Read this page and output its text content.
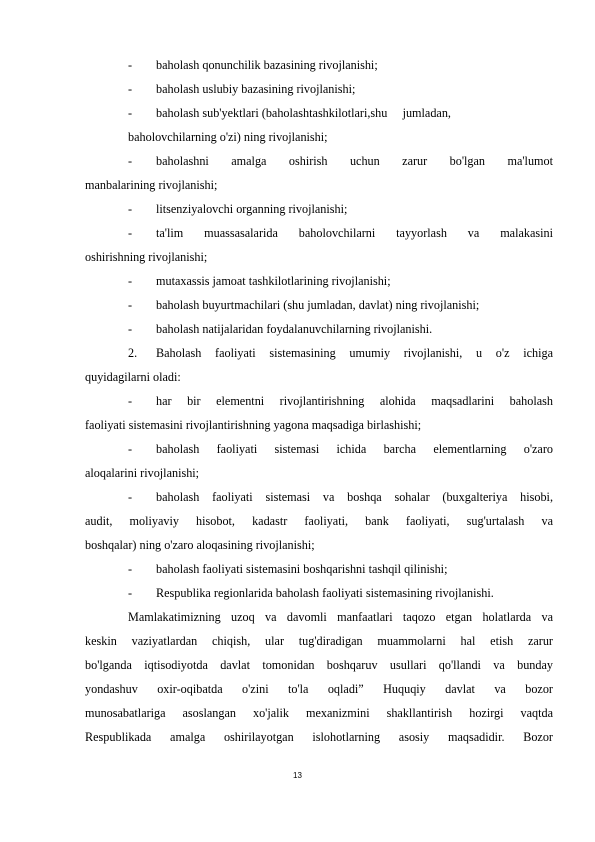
- baholash qonunchilik bazasining rivojlanishi;
- baholash uslubiy bazasining rivojlanishi;
- baholash sub'yektlari (baholashtashkilotlari,shu     jumladan,
baholovchilarning o'zi) ning rivojlanishi;
- baholashni amalga oshirish uchun zarur bo'lgan ma'lumot
manbalarining rivojlanishi;
- litsenziyalovchi organning rivojlanishi;
- ta'lim muassasalarida baholovchilarni tayyorlash va malakasini
oshirishning rivojlanishi;
- mutaxassis jamoat tashkilotlarining rivojlanishi;
- baholash buyurtmachilari (shu jumladan, davlat) ning rivojlanishi;
- baholash natijalaridan foydalanuvchilarning rivojlanishi.
2. Baholash faoliyati sistemasining umumiy rivojlanishi, u o'z ichiga
quyidagilarni oladi:
- har bir elementni rivojlantirishning alohida maqsadlarini baholash
faoliyati sistemasini rivojlantirishning yagona maqsadiga birlashishi;
- baholash faoliyati sistemasi ichida barcha elementlarning o'zaro
aloqalarini rivojlanishi;
- baholash faoliyati sistemasi va boshqa sohalar (buxgalteriya hisobi,
audit, moliyaviy hisobot, kadastr faoliyati, bank faoliyati, sug'urtalash va
boshqalar) ning o'zaro aloqasining rivojlanishi;
- baholash faoliyati sistemasini boshqarishni tashqil qilinishi;
- Respublika regionlarida baholash faoliyati sistemasining rivojlanishi.
Mamlakatimizning uzoq va davomli manfaatlari taqozo etgan holatlarda va
keskin vaziyatlardan chiqish, ular tug'diradigan muammolarni hal etish zarur
bo'lganda iqtisodiyotda davlat tomonidan boshqaruv usullari qo'llandi va bunday
yondashuv oxir-oqibatda o'zini to'la oqladi” Huquqiy davlat va bozor
munosabatlariga asoslangan xo'jalik mexanizmini shakllantirish hozirgi vaqtda
Respublikada amalga oshirilayotgan islohotlarning asosiy maqsadidir. Bozor
13
